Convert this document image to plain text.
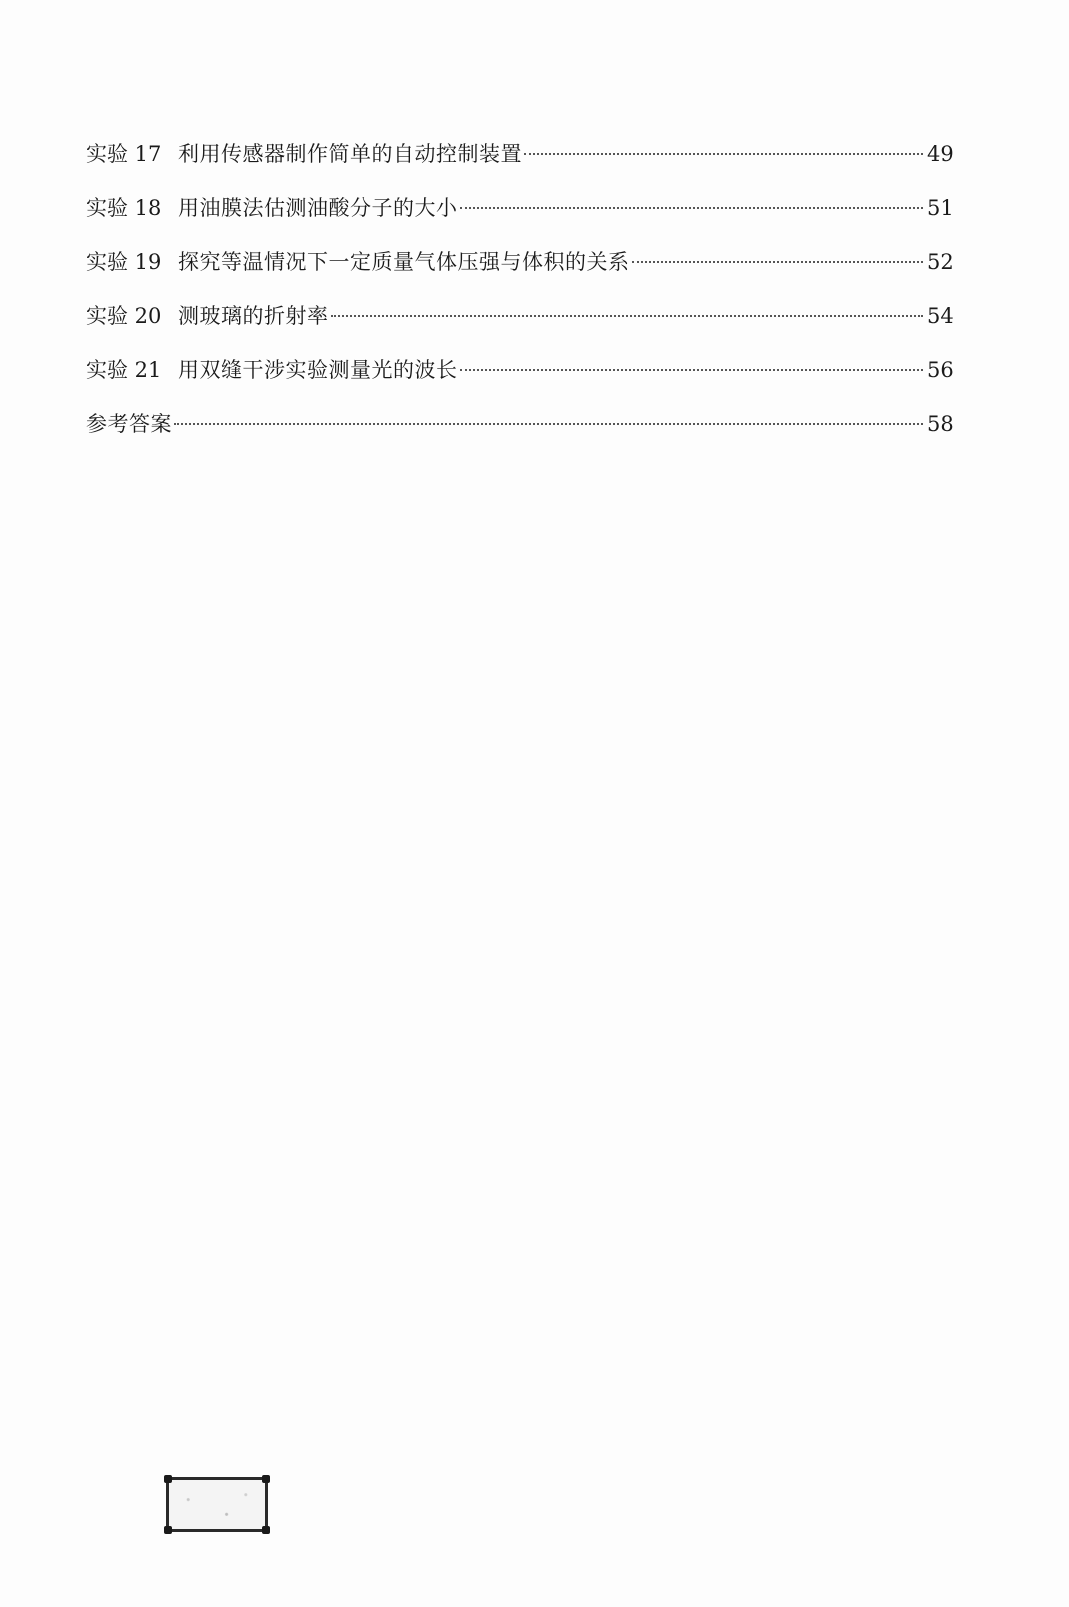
实验 17 利用传感器制作简单的自动控制装置	49
实验 18 用油膜法估测油酸分子的大小	51
实验 19 探究等温情况下一定质量气体压强与体积的关系	52
实验 20 测玻璃的折射率	54
实验 21 用双缝干涉实验测量光的波长	56
参考答案	58
